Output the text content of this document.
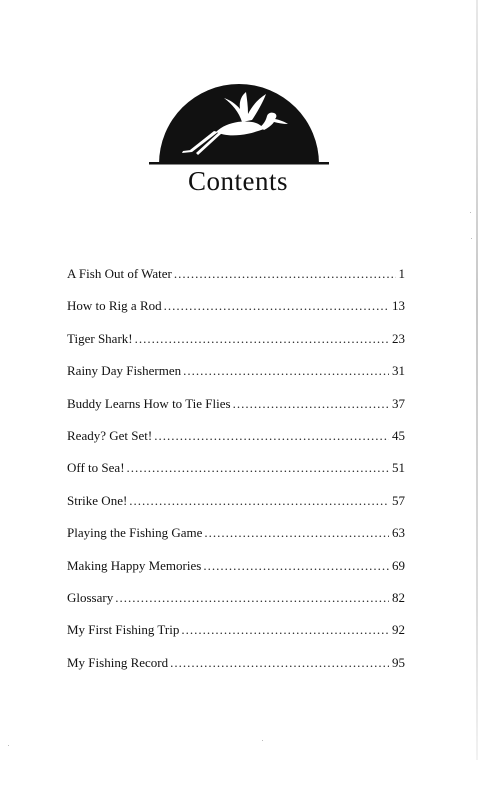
Contents
A Fish Out of Water .....	1
How to Rig a Rod .....	13
Tiger Shark! .....	23
Rainy Day Fishermen .....	31
Buddy Learns How to Tie Flies .....	37
Ready? Get Set! .....	45
Off to Sea! .....	51
Strike One! .....	57
Playing the Fishing Game .....	63
Making Happy Memories .....	69
Glossary .....	82
My First Fishing Trip .....	92
My Fishing Record .....	95
